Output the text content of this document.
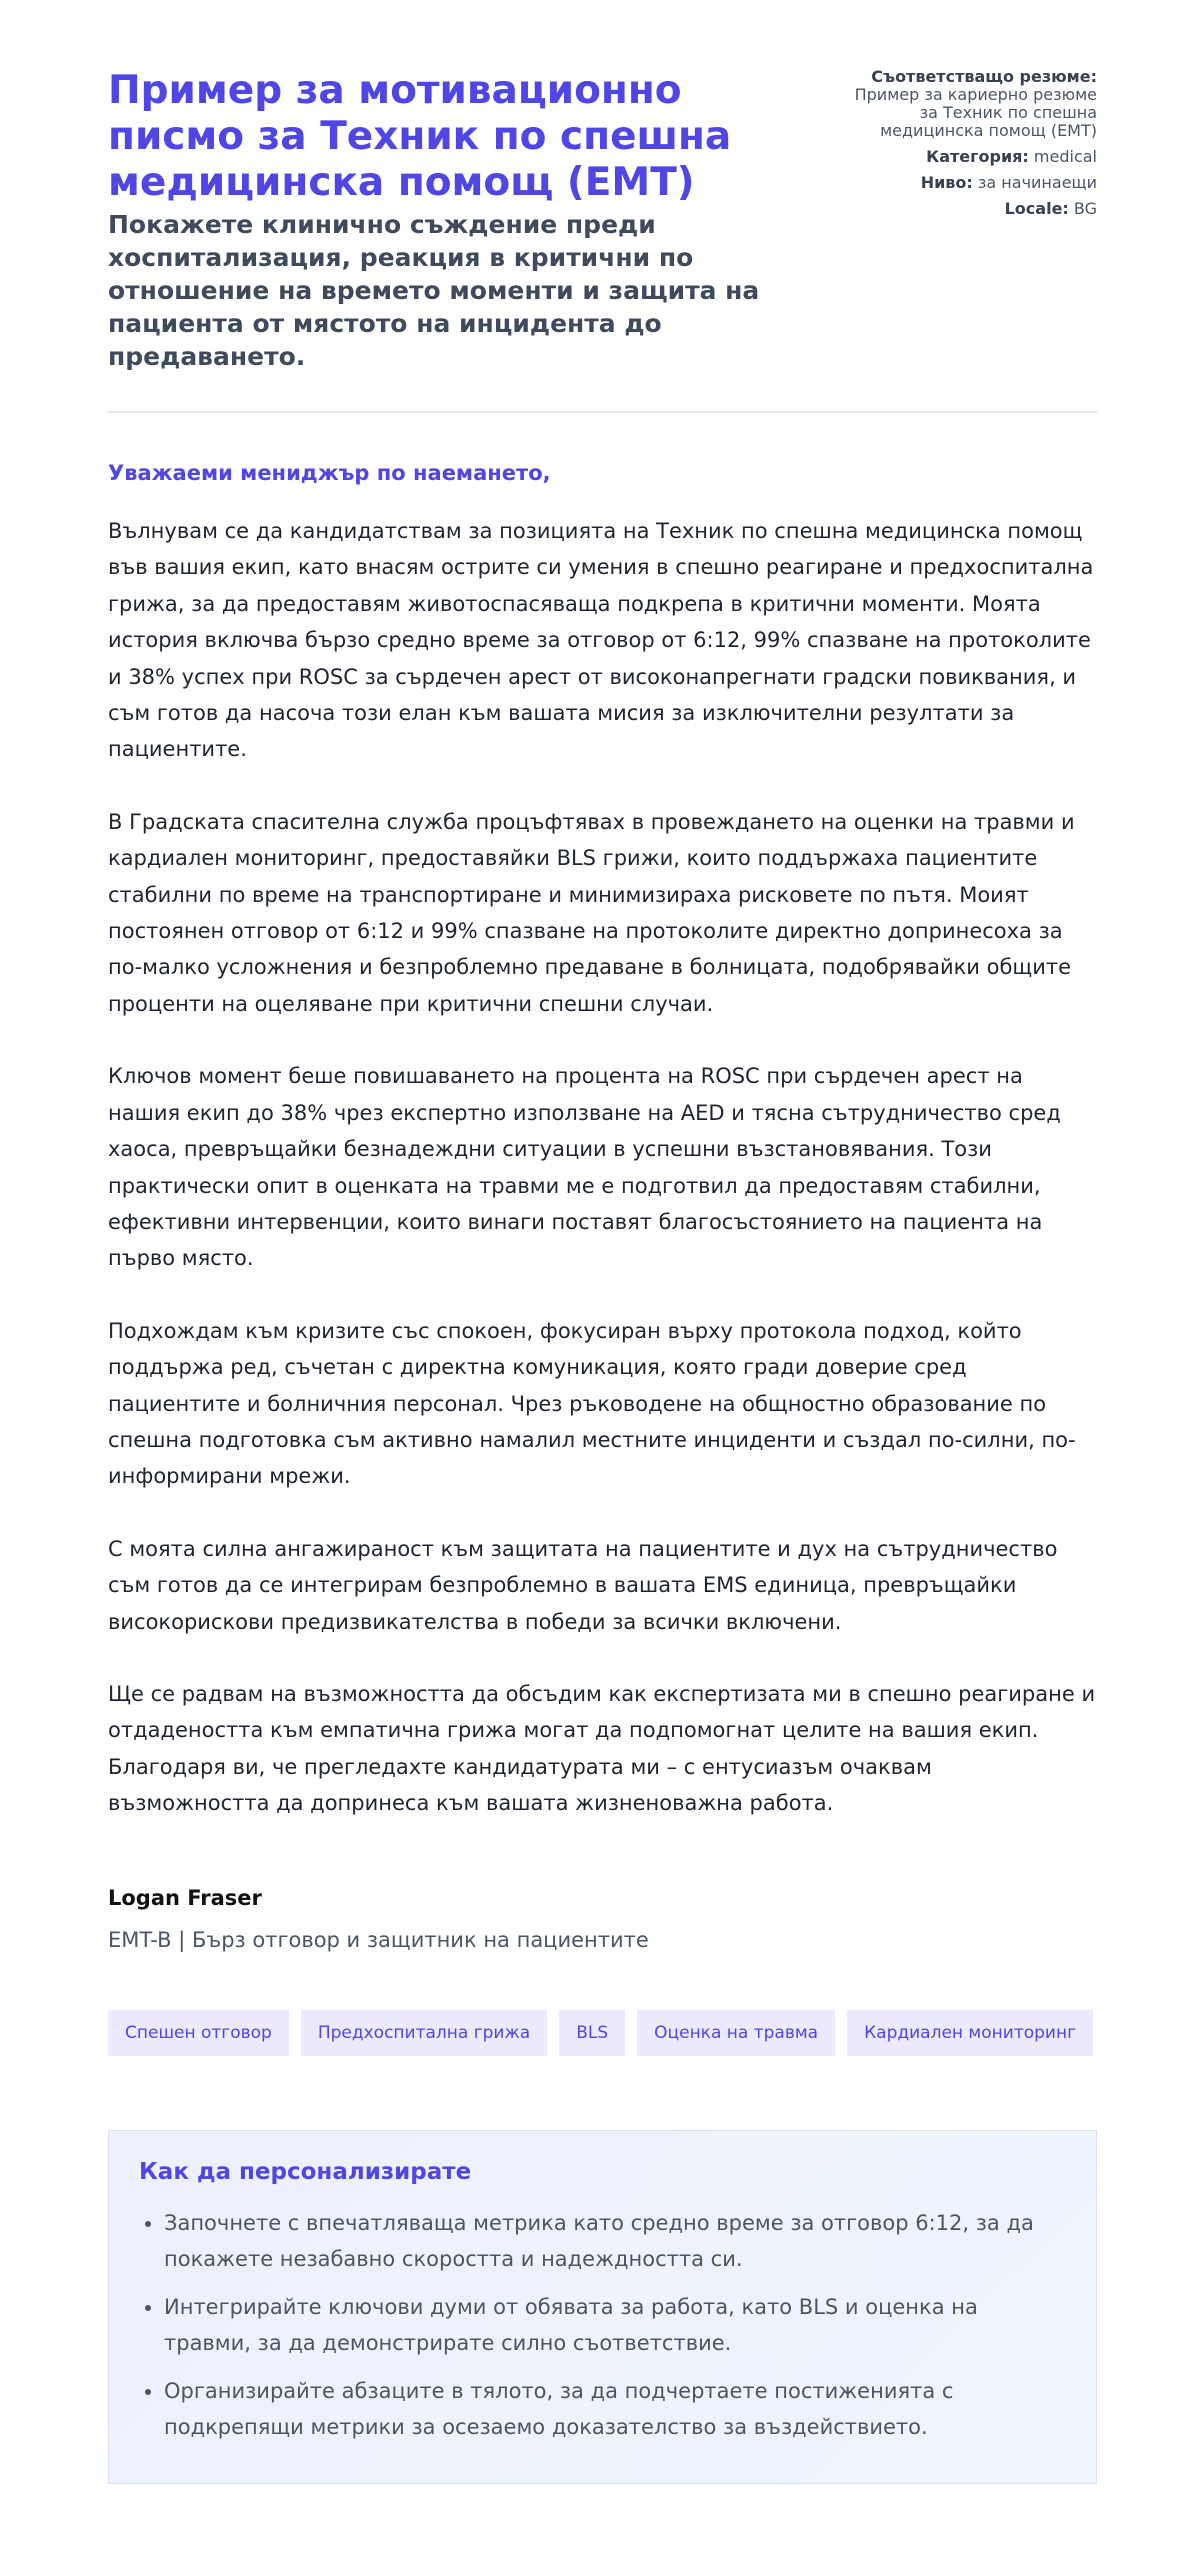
Пример за мотивационно писмо за Техник по спешна медицинска помощ (EMT)
Покажете клинично съждение преди хоспитализация, реакция в критични по отношение на времето моменти и защита на пациента от мястото на инцидента до предаването.
Съответстващо резюме:
Пример за кариерно резюме за Техник по спешна медицинска помощ (EMT)
Категория: medical
Ниво: за начинаещи
Locale: BG
Уважаеми мениджър по наемането,

Вълнувам се да кандидатствам за позицията на Техник по спешна медицинска помощ във вашия екип, като внасям острите си умения в спешно реагиране и предхоспитална грижа, за да предоставям животоспасяваща подкрепа в критични моменти. Моята история включва бързо средно време за отговор от 6:12, 99% спазване на протоколите и 38% успех при ROSC за сърдечен арест от високонапрегнати градски повиквания, и съм готов да насоча този елан към вашата мисия за изключителни резултати за пациентите.

В Градската спасителна служба процъфтявах в провеждането на оценки на травми и кардиален мониторинг, предоставяйки BLS грижи, които поддържаха пациентите стабилни по време на транспортиране и минимизираха рисковете по пътя. Моият постоянен отговор от 6:12 и 99% спазване на протоколите директно допринесоха за по-малко усложнения и безпроблемно предаване в болницата, подобрявайки общите проценти на оцеляване при критични спешни случаи.

Ключов момент беше повишаването на процента на ROSC при сърдечен арест на нашия екип до 38% чрез експертно използване на AED и тясна сътрудничество сред хаоса, превръщайки безнадеждни ситуации в успешни възстановявания. Този практически опит в оценката на травми ме е подготвил да предоставям стабилни, ефективни интервенции, които винаги поставят благосъстоянието на пациента на първо място.

Подхождам към кризите със спокоен, фокусиран върху протокола подход, който поддържа ред, съчетан с директна комуникация, която гради доверие сред пациентите и болничния персонал. Чрез ръководене на общностно образование по спешна подготовка съм активно намалил местните инциденти и създал по-силни, по-информирани мрежи.

С моята силна ангажираност към защитата на пациентите и дух на сътрудничество съм готов да се интегрирам безпроблемно в вашата EMS единица, превръщайки високорискови предизвикателства в победи за всички включени.

Ще се радвам на възможността да обсъдим как експертизата ми в спешно реагиране и отдадеността към емпатична грижа могат да подпомогнат целите на вашия екип. Благодаря ви, че прегледахте кандидатурата ми – с ентусиазъм очаквам възможността да допринеса към вашата жизненоважна работа.

Logan Fraser
EMT-B | Бърз отговор и защитник на пациентите
Спешен отговор	Предхоспитална грижа	BLS	Оценка на травма	Кардиален мониторинг
Как да персонализирате
• Започнете с впечатляваща метрика като средно време за отговор 6:12, за да покажете незабавно скоростта и надеждността си.
• Интегрирайте ключови думи от обявата за работа, като BLS и оценка на травми, за да демонстрирате силно съответствие.
• Организирайте абзаците в тялото, за да подчертаете постиженията с подкрепящи метрики за осезаемо доказателство за въздействието.
